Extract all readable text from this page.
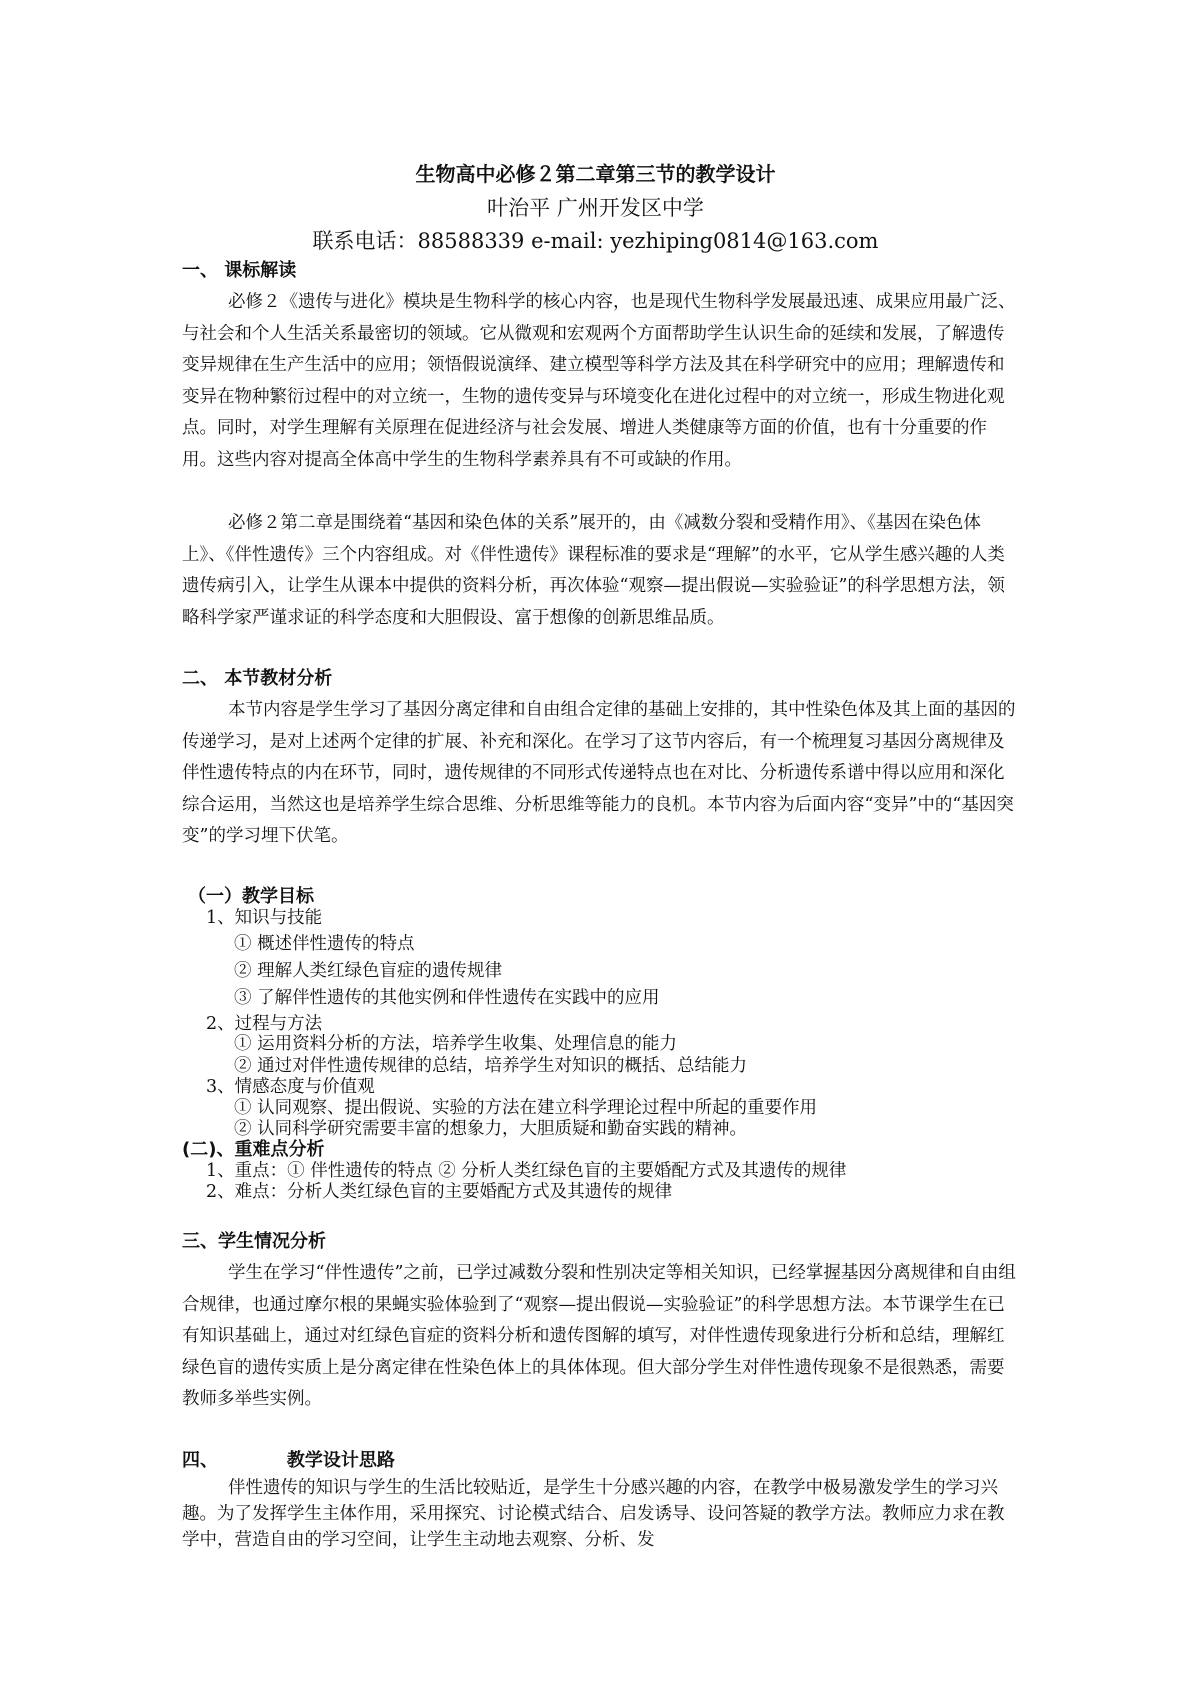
生物高中必修２第二章第三节的教学设计
叶治平 广州开发区中学
联系电话：88588339 e-mail: yezhiping0814@163.com
一、 课标解读
必修２《遗传与进化》模块是生物科学的核心内容，也是现代生物科学发展最迅速、成果应用最广泛、与社会和个人生活关系最密切的领域。它从微观和宏观两个方面帮助学生认识生命的延续和发展，了解遗传变异规律在生产生活中的应用；领悟假说演绎、建立模型等科学方法及其在科学研究中的应用；理解遗传和变异在物种繁衍过程中的对立统一，生物的遗传变异与环境变化在进化过程中的对立统一，形成生物进化观点。同时，对学生理解有关原理在促进经济与社会发展、增进人类健康等方面的价值，也有十分重要的作用。这些内容对提高全体高中学生的生物科学素养具有不可或缺的作用。
必修２第二章是围绕着“基因和染色体的关系”展开的，由《减数分裂和受精作用》、《基因在染色体上》、《伴性遗传》三个内容组成。对《伴性遗传》课程标准的要求是“理解”的水平，它从学生感兴趣的人类遗传病引入，让学生从课本中提供的资料分析，再次体验“观察—提出假说—实验验证”的科学思想方法，领略科学家严谨求证的科学态度和大胆假设、富于想像的创新思维品质。
二、 本节教材分析
本节内容是学生学习了基因分离定律和自由组合定律的基础上安排的，其中性染色体及其上面的基因的传递学习，是对上述两个定律的扩展、补充和深化。在学习了这节内容后，有一个梳理复习基因分离规律及伴性遗传特点的内在环节，同时，遗传规律的不同形式传递特点也在对比、分析遗传系谱中得以应用和深化综合运用，当然这也是培养学生综合思维、分析思维等能力的良机。本节内容为后面内容“变异”中的“基因突变”的学习埋下伏笔。
（一）教学目标
1、知识与技能
① 概述伴性遗传的特点
② 理解人类红绿色盲症的遗传规律
③ 了解伴性遗传的其他实例和伴性遗传在实践中的应用
2、过程与方法
① 运用资料分析的方法，培养学生收集、处理信息的能力
② 通过对伴性遗传规律的总结，培养学生对知识的概括、总结能力
3、情感态度与价值观
① 认同观察、提出假说、实验的方法在建立科学理论过程中所起的重要作用
② 认同科学研究需要丰富的想象力，大胆质疑和勤奋实践的精神。
(二)、重难点分析
1、重点：① 伴性遗传的特点 ② 分析人类红绿色盲的主要婚配方式及其遗传的规律
2、难点：分析人类红绿色盲的主要婚配方式及其遗传的规律
三、学生情况分析
学生在学习“伴性遗传”之前，已学过减数分裂和性别决定等相关知识，已经掌握基因分离规律和自由组合规律，也通过摩尔根的果蝇实验体验到了“观察—提出假说—实验验证”的科学思想方法。本节课学生在已有知识基础上，通过对红绿色盲症的资料分析和遗传图解的填写，对伴性遗传现象进行分析和总结，理解红绿色盲的遗传实质上是分离定律在性染色体上的具体体现。但大部分学生对伴性遗传现象不是很熟悉，需要教师多举些实例。
四、           教学设计思路
伴性遗传的知识与学生的生活比较贴近，是学生十分感兴趣的内容，在教学中极易激发学生的学习兴趣。为了发挥学生主体作用，采用探究、讨论模式结合、启发诱导、设问答疑的教学方法。教师应力求在教学中，营造自由的学习空间，让学生主动地去观察、分析、发
